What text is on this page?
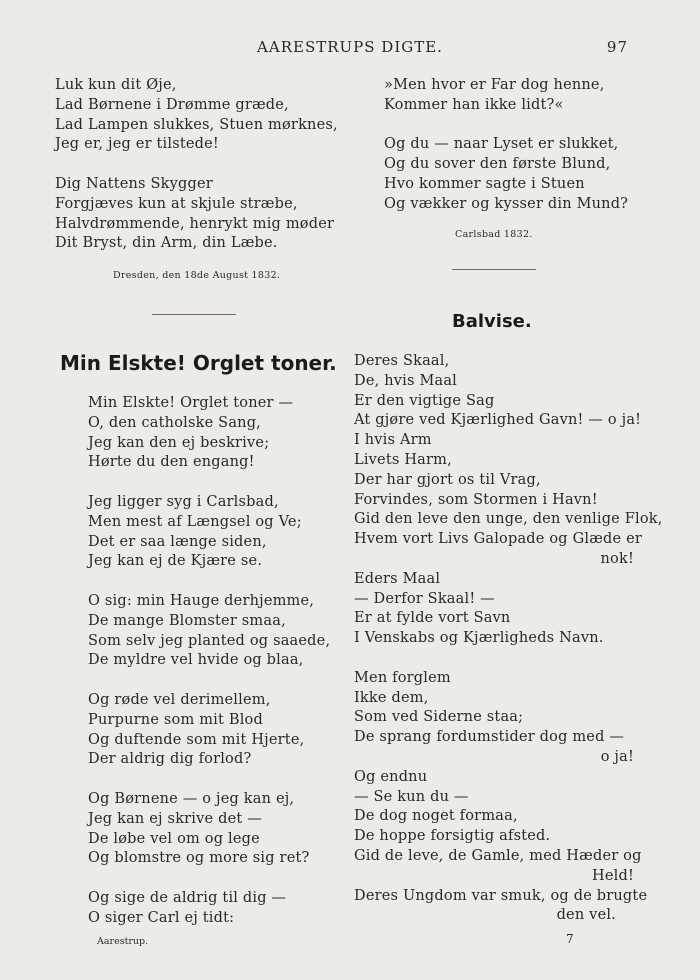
AARESTRUPS DIGTE.	97
Luk kun dit Øje,
Lad Børnene i Drømme græde,
Lad Lampen slukkes, Stuen mørknes,
Jeg er, jeg er tilstede!
Dig Nattens Skygger
Forgjæves kun at skjule stræbe,
Halvdrømmende, henrykt mig møder
Dit Bryst, din Arm, din Læbe.
Dresden, den 18de August 1832.
»Men hvor er Far dog henne,
Kommer han ikke lidt?«
Og du — naar Lyset er slukket,
Og du sover den første Blund,
Hvo kommer sagte i Stuen
Og vækker og kysser din Mund?
Carlsbad 1832.
Min Elskte! Orglet toner.
Min Elskte! Orglet toner —
O, den catholske Sang,
Jeg kan den ej beskrive;
Hørte du den engang!
Jeg ligger syg i Carlsbad,
Men mest af Længsel og Ve;
Det er saa længe siden,
Jeg kan ej de Kjære se.
O sig: min Hauge derhjemme,
De mange Blomster smaa,
Som selv jeg planted og saaede,
De myldre vel hvide og blaa,
Og røde vel derimellem,
Purpurne som mit Blod
Og duftende som mit Hjerte,
Der aldrig dig forlod?
Og Børnene — o jeg kan ej,
Jeg kan ej skrive det —
De løbe vel om og lege
Og blomstre og more sig ret?
Og sige de aldrig til dig —
O siger Carl ej tidt:
Balvise.
Deres Skaal,
De, hvis Maal
Er den vigtige Sag
At gjøre ved Kjærlighed Gavn! — o ja!
I hvis Arm
Livets Harm,
Der har gjort os til Vrag,
Forvindes, som Stormen i Havn!
Gid den leve den unge, den venlige Flok,
Hvem vort Livs Galopade og Glæde er
nok!
Eders Maal
— Derfor Skaal! —
Er at fylde vort Savn
I Venskabs og Kjærligheds Navn.
Men forglem
Ikke dem,
Som ved Siderne staa;
De sprang fordumstider dog med —
o ja!
Og endnu
— Se kun du —
De dog noget formaa,
De hoppe forsigtig afsted.
Gid de leve, de Gamle, med Hæder og
Held!
Deres Ungdom var smuk, og de brugte
den vel.
Aarestrup.	7
